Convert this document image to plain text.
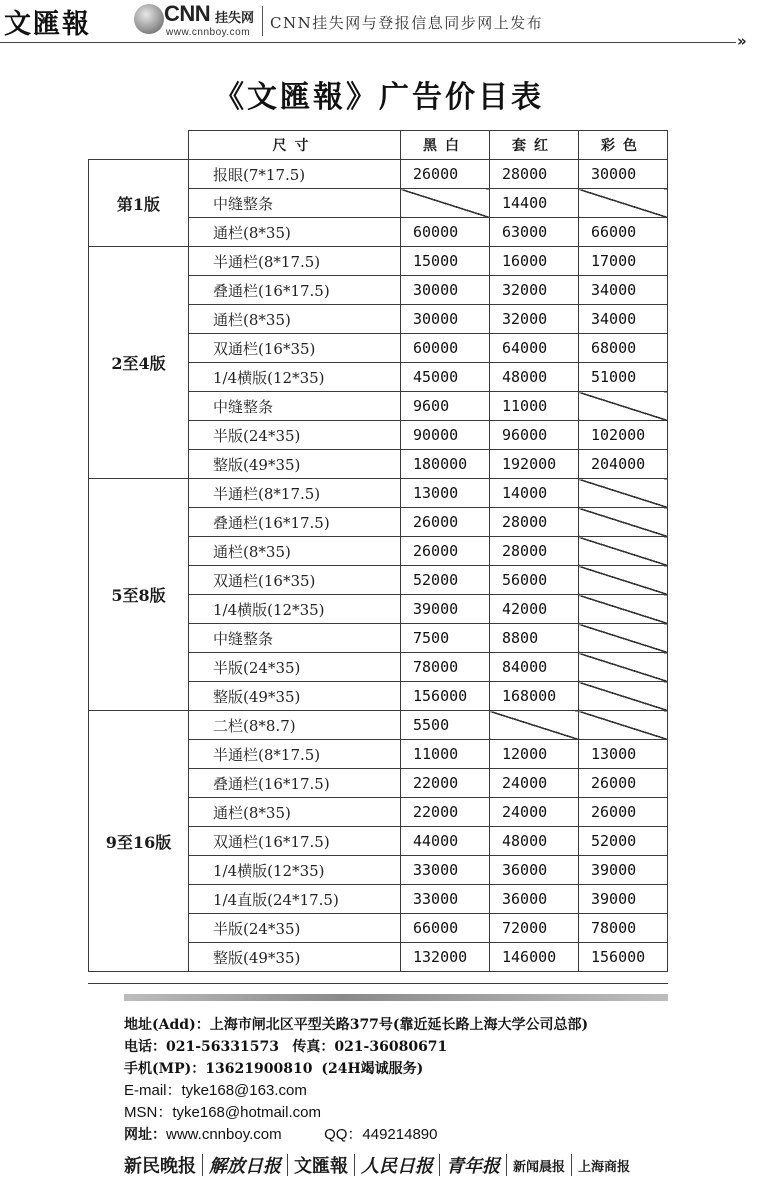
文匯報	CNN 挂失网
www.cnnboy.com
CNN挂失网与登报信息同步网上发布
»
《文匯報》广告价目表
	尺寸	黑白	套红	彩色
第1版	报眼(7*17.5)	26000	28000	30000
	中缝整条		14400	
	通栏(8*35)	60000	63000	66000
2至4版	半通栏(8*17.5)	15000	16000	17000
	叠通栏(16*17.5)	30000	32000	34000
	通栏(8*35)	30000	32000	34000
	双通栏(16*35)	60000	64000	68000
	1/4横版(12*35)	45000	48000	51000
	中缝整条	9600	11000	
	半版(24*35)	90000	96000	102000
	整版(49*35)	180000	192000	204000
5至8版	半通栏(8*17.5)	13000	14000	
	叠通栏(16*17.5)	26000	28000	
	通栏(8*35)	26000	28000	
	双通栏(16*35)	52000	56000	
	1/4横版(12*35)	39000	42000	
	中缝整条	7500	8800	
	半版(24*35)	78000	84000	
	整版(49*35)	156000	168000	
9至16版	二栏(8*8.7)	5500		
	半通栏(8*17.5)	11000	12000	13000
	叠通栏(16*17.5)	22000	24000	26000
	通栏(8*35)	22000	24000	26000
	双通栏(16*17.5)	44000	48000	52000
	1/4横版(12*35)	33000	36000	39000
	1/4直版(24*17.5)	33000	36000	39000
	半版(24*35)	66000	72000	78000
	整版(49*35)	132000	146000	156000
地址(Add)：上海市闸北区平型关路377号(靠近延长路上海大学公司总部)
电话：021-56331573 传真：021-36080671
手机(MP)：13621900810 (24H竭诚服务)
E-mail：tyke168@163.com
MSN：tyke168@hotmail.com
网址：www.cnnboy.com	QQ：449214890
新民晚报 解放日报 文匯報 人民日报 青年报 新闻晨报 上海商报
